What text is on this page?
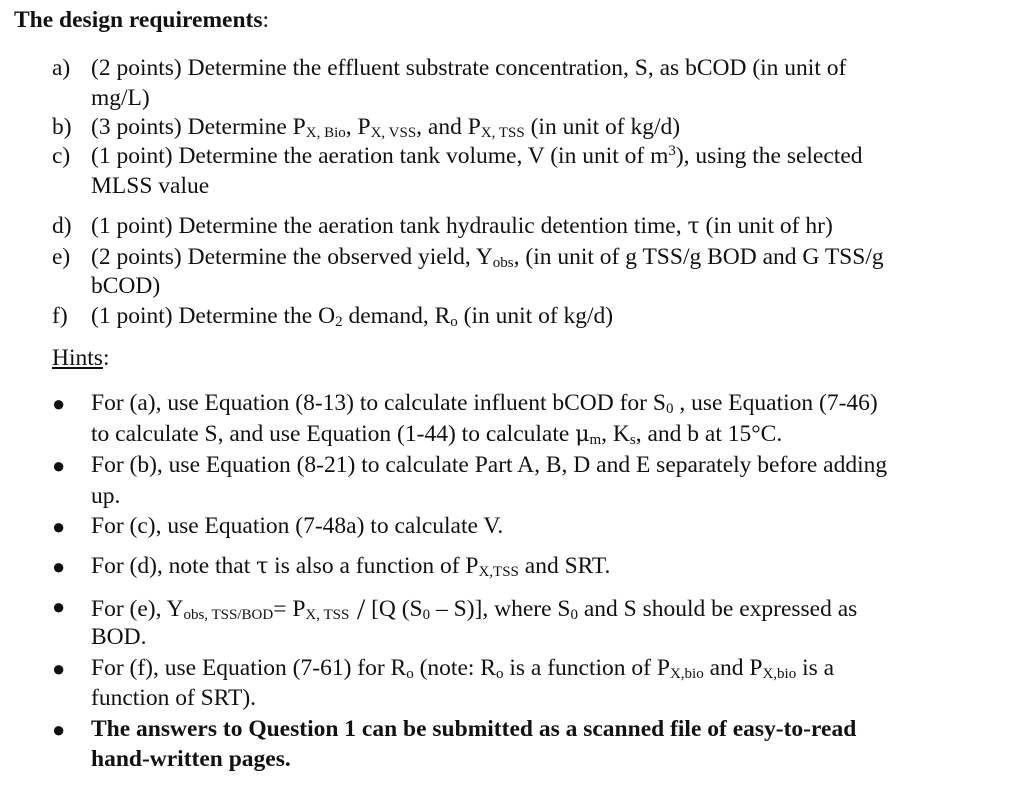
The design requirements:
a) (2 points) Determine the effluent substrate concentration, S, as bCOD (in unit of
mg/L)
b) (3 points) Determine $P_{X, Bio}$, $P_{X, VSS}$, and $P_{X, TSS}$ (in unit of kg/d)
c) (1 point) Determine the aeration tank volume, V (in unit of $m^3$), using the selected
MLSS value
d) (1 point) Determine the aeration tank hydraulic detention time, τ (in unit of hr)
e) (2 points) Determine the observed yield, $Y_{obs}$, (in unit of g TSS/g BOD and G TSS/g
bCOD)
f) (1 point) Determine the $O_2$ demand, $R_o$ (in unit of kg/d)
Hints:
● For (a), use Equation (8-13) to calculate influent bCOD for $S_0$ , use Equation (7-46)
to calculate S, and use Equation (1-44) to calculate $\mu_m$, $K_s$, and b at 15°C.
● For (b), use Equation (8-21) to calculate Part A, B, D and E separately before adding
up.
● For (c), use Equation (7-48a) to calculate V.
● For (d), note that τ is also a function of $P_{X,TSS}$ and SRT.
● For (e), $Y_{obs, TSS/BOD}= P_{X, TSS} / [Q$ $(S_0 - S)$], where $S_0$ and S should be expressed as
BOD.
● For (f), use Equation (7-61) for $R_o$ (note: $R_o$ is a function of $P_{X,bio}$ and $P_{X,bio}$ is a
function of SRT).
● The answers to Question 1 can be submitted as a scanned file of easy-to-read
hand-written pages.
